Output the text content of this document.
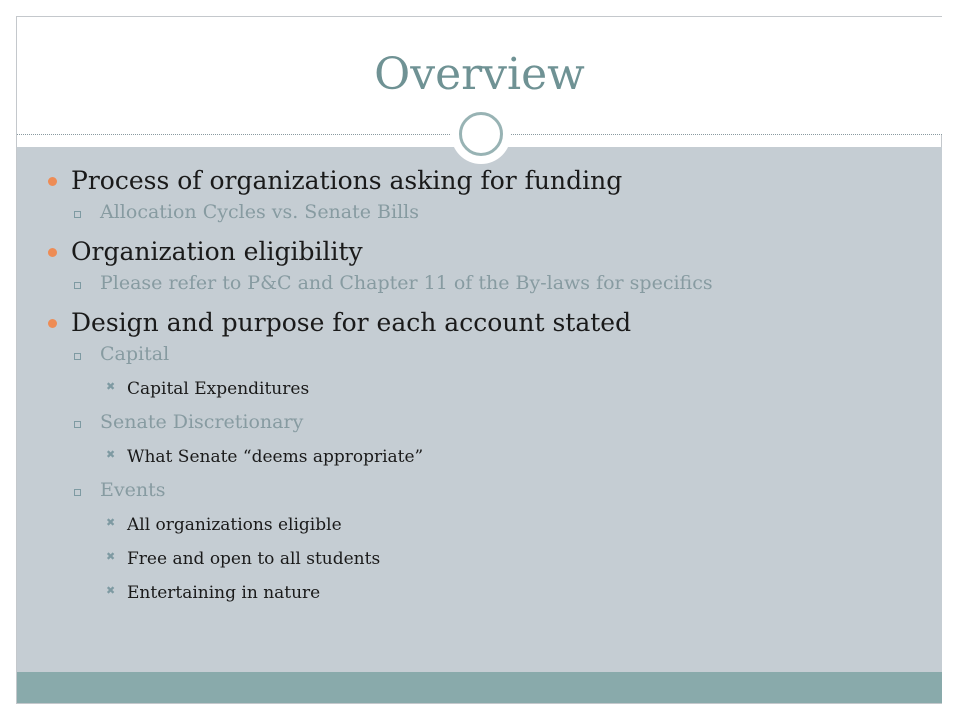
Overview
Process of organizations asking for funding
Allocation Cycles vs. Senate Bills
Organization eligibility
Please refer to P&C and Chapter 11 of the By-laws for specifics
Design and purpose for each account stated
Capital
✖ Capital Expenditures
Senate Discretionary
✖ What Senate “deems appropriate”
Events
✖ All organizations eligible
✖ Free and open to all students
✖ Entertaining in nature
